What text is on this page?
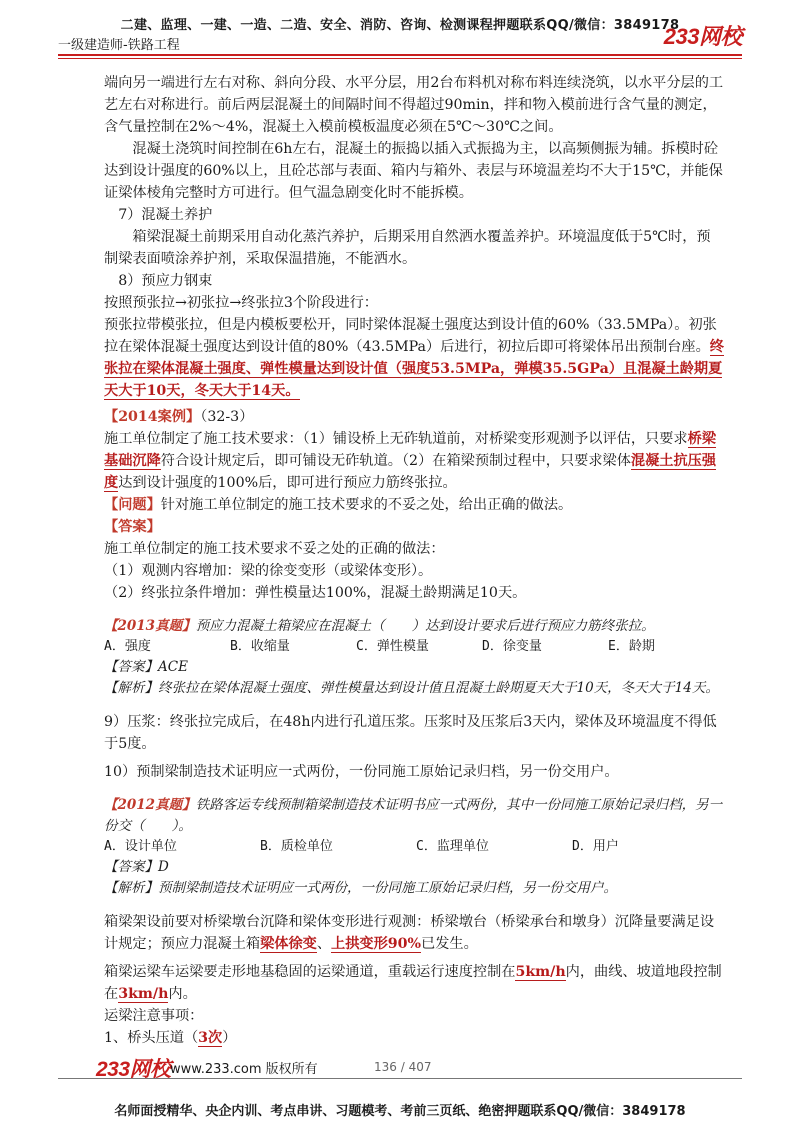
二建、监理、一建、一造、二造、安全、消防、咨询、检测课程押题联系QQ/微信：3849178
一级建造师-铁路工程	233网校

端向另一端进行左右对称、斜向分段、水平分层，用2台布料机对称布料连续浇筑，以水平分层的工艺左右对称进行。前后两层混凝土的间隔时间不得超过90min，拌和物入模前进行含气量的测定，含气量控制在2%～4%，混凝土入模前模板温度必须在5℃～30℃之间。

混凝土浇筑时间控制在6h左右，混凝土的振捣以插入式振捣为主，以高频侧振为辅。拆模时砼达到设计强度的60%以上，且砼芯部与表面、箱内与箱外、表层与环境温差均不大于15℃，并能保证梁体棱角完整时方可进行。但气温急剧变化时不能拆模。

7）混凝土养护

箱梁混凝土前期采用自动化蒸汽养护，后期采用自然洒水覆盖养护。环境温度低于5℃时，预制梁表面喷涂养护剂，采取保温措施，不能洒水。

8）预应力钢束

按照预张拉→初张拉→终张拉3个阶段进行：

预张拉带模张拉，但是内模板要松开，同时梁体混凝土强度达到设计值的60%（33.5MPa）。初张拉在梁体混凝土强度达到设计值的80%（43.5MPa）后进行，初拉后即可将梁体吊出预制台座。终张拉在梁体混凝土强度、弹性模量达到设计值（强度53.5MPa，弹模35.5GPa）且混凝土龄期夏天大于10天，冬天大于14天。

【2014案例】（32-3）

施工单位制定了施工技术要求：（1）铺设桥上无砟轨道前，对桥梁变形观测予以评估，只要求桥梁基础沉降符合设计规定后，即可铺设无砟轨道。（2）在箱梁预制过程中，只要求梁体混凝土抗压强度达到设计强度的100%后，即可进行预应力筋终张拉。

【问题】针对施工单位制定的施工技术要求的不妥之处，给出正确的做法。

【答案】

施工单位制定的施工技术要求不妥之处的正确的做法：

（1）观测内容增加：梁的徐变变形（或梁体变形）。

（2）终张拉条件增加：弹性模量达100%，混凝土龄期满足10天。

【2013真题】预应力混凝土箱梁应在混凝土（　　）达到设计要求后进行预应力筋终张拉。

A．强度	B．收缩量	C．弹性模量	D．徐变量	E．龄期

【答案】ACE

【解析】终张拉在梁体混凝土强度、弹性模量达到设计值且混凝土龄期夏天大于10天，冬天大于14天。

9）压浆：终张拉完成后，在48h内进行孔道压浆。压浆时及压浆后3天内，梁体及环境温度不得低于5度。

10）预制梁制造技术证明应一式两份，一份同施工原始记录归档，另一份交用户。

【2012真题】铁路客运专线预制箱梁制造技术证明书应一式两份，其中一份同施工原始记录归档，另一份交（　　）。

A．设计单位	B．质检单位	C．监理单位	D．用户

【答案】D

【解析】预制梁制造技术证明应一式两份，一份同施工原始记录归档，另一份交用户。

箱梁架设前要对桥梁墩台沉降和梁体变形进行观测：桥梁墩台（桥梁承台和墩身）沉降量要满足设计规定；预应力混凝土箱梁体徐变、上拱变形90%已发生。

箱梁运梁车运梁要走形地基稳固的运梁通道，重载运行速度控制在5km/h内，曲线、坡道地段控制在3km/h内。

运梁注意事项：

1、桥头压道（3次）

233网校 www.233.com 版权所有	136 / 407
名师面授精华、央企内训、考点串讲、习题模考、考前三页纸、绝密押题联系QQ/微信：3849178
